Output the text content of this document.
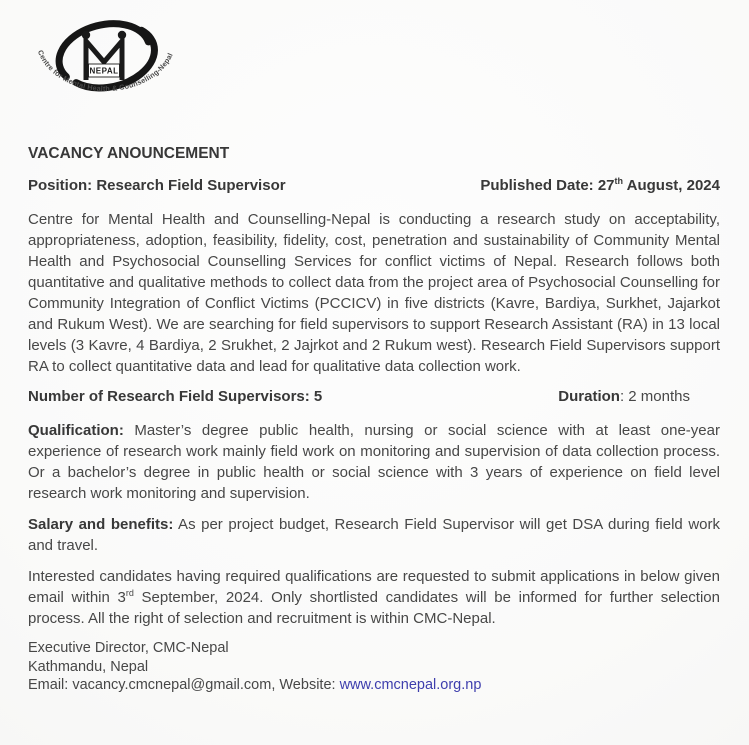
NEPAL
Centre for Mental Health & Counselling-Nepal
VACANCY ANOUNCEMENT
Position: Research Field Supervisor	Published Date: 27th August, 2024

Centre for Mental Health and Counselling-Nepal is conducting a research study on acceptability, appropriateness, adoption, feasibility, fidelity, cost, penetration and sustainability of Community Mental Health and Psychosocial Counselling Services for conflict victims of Nepal. Research follows both quantitative and qualitative methods to collect data from the project area of Psychosocial Counselling for Community Integration of Conflict Victims (PCCICV) in five districts (Kavre, Bardiya, Surkhet, Jajarkot and Rukum West). We are searching for field supervisors to support Research Assistant (RA) in 13 local levels (3 Kavre, 4 Bardiya, 2 Srukhet, 2 Jajrkot and 2 Rukum west). Research Field Supervisors support RA to collect quantitative data and lead for qualitative data collection work.

Number of Research Field Supervisors: 5	Duration: 2 months

Qualification: Master’s degree public health, nursing or social science with at least one-year experience of research work mainly field work on monitoring and supervision of data collection process. Or a bachelor’s degree in public health or social science with 3 years of experience on field level research work monitoring and supervision.

Salary and benefits: As per project budget, Research Field Supervisor will get DSA during field work and travel.

Interested candidates having required qualifications are requested to submit applications in below given email within 3rd September, 2024. Only shortlisted candidates will be informed for further selection process. All the right of selection and recruitment is within CMC-Nepal.

Executive Director, CMC-Nepal
Kathmandu, Nepal
Email: vacancy.cmcnepal@gmail.com, Website: www.cmcnepal.org.np
